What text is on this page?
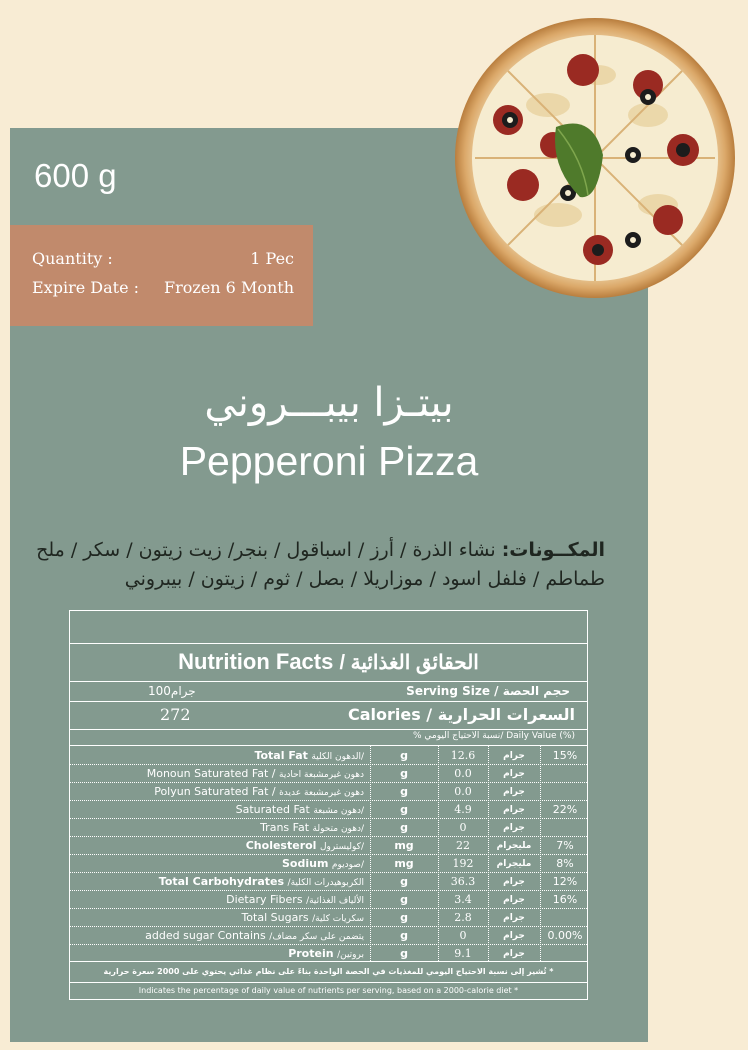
600 g
Quantity :	1 Pec
Expire Date : Frozen 6 Month
بيتـزا بيبـــروني
Pepperoni Pizza
المكــونات: نشاء الذرة / أرز / اسباقول / بنجر/ زيت زيتون / سكر / ملح
طماطم / فلفل اسود / موزاريلا / بصل / ثوم / زيتون / بيبروني
Nutrition Facts / الحقائق الغذائية
100جرام	Serving Size / حجم الحصة
272	Calories / السعرات الحرارية
% نسبة الاحتياج اليومي/ Daily Value (%)
Total Fat الدهون الكلية/	g	12.6	جرام	15%
Monoun Saturated Fat / دهون غيرمشبعة احادية	g	0.0	جرام
Polyun Saturated Fat / دهون غيرمشبعة عديدة	g	0.0	جرام
Saturated Fat دهون مشبعة/	g	4.9	جرام	22%
Trans Fat دهون متحولة/	g	0	جرام
Cholesterol كوليسترول/	mg	22	مليجرام	7%
Sodium صوديوم/	mg	192	مليجرام	8%
Total Carbohydrates /الكربوهيدرات الكلية	g	36.3	جرام	12%
Dietary Fibers /الألياف الغذائية	g	3.4	جرام	16%
Total Sugars /سكريات كلية	g	2.8	جرام
added sugar Contains /يتضمن على سكر مضاف	g	0	جرام	0.00%
Protein /بروتين	g	9.1	جرام
* تُشير إلى نسبة الاحتياج اليومي للمغذيات في الحصة الواحدة بناءً على نظام غذائي يحتوي على 2000 سعرة حرارية
Indicates the percentage of daily value of nutrients per serving, based on a 2000-calorie diet *
